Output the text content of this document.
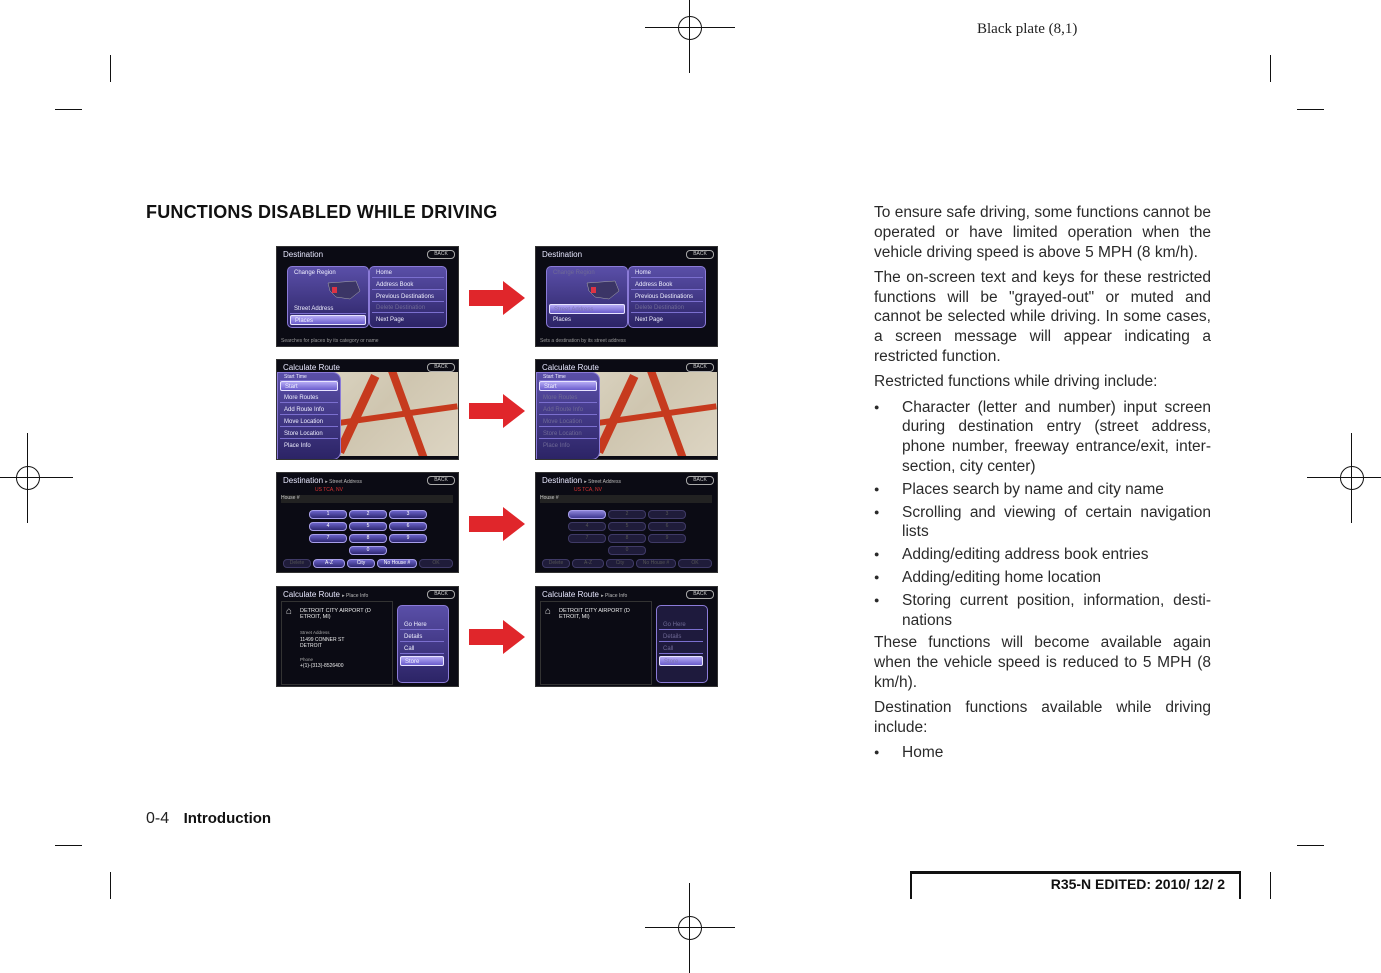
Black plate (8,1)
FUNCTIONS DISABLED WHILE DRIVING
Destination	BACK
Change Region
Street Address
Places
Home
Address Book
Previous Destinations
Delete Destination
Next Page
Searches for places by its category or name
Destination	BACK
Change Region
Street Address
Places
Home
Address Book
Previous Destinations
Delete Destination
Next Page
Sets a destination by its street address
Calculate Route	BACK
Start Time
Start
More Routes
Add Route Info
Move Location
Store Location
Place Info
Calculate Route	BACK
Start Time
Start
More Routes
Add Route Info
Move Location
Store Location
Place Info
Destination ▸ Street Address	BACK
US TCA, NV
House #
1	2	3
4	5	6
7	8	9
0
Delete	A-Z	City	No House #	OK
Destination ▸ Street Address	BACK
US TCA, NV
House #
2	3
4	5	6
7	8	9
0
Delete	A-Z	City	No House #	OK
Calculate Route ▸ Place Info	BACK
⌂ DETROIT CITY AIRPORT (D ETROIT, MI)
Street Address
11499 CONNER ST DETROIT
Phone
+(1)-(313)-8526400
Go Here
Details
Call
Store
Calculate Route ▸ Place Info	BACK
⌂ DETROIT CITY AIRPORT (D ETROIT, MI)
Go Here
Details
Call
Store

To ensure safe driving, some functions cannot be operated or have limited operation when the vehicle driving speed is above 5 MPH (8 km/h).

The on-screen text and keys for these restricted functions will be "grayed-out" or muted and cannot be selected while driving. In some cases, a screen message will appear indicating a restricted function.

Restricted functions while driving include:

● Character (letter and number) input screen during destination entry (street address, phone number, freeway entrance/exit, inter-section, city center)
● Places search by name and city name
● Scrolling and viewing of certain navigation lists
● Adding/editing address book entries
● Adding/editing home location
● Storing current position, information, desti-nations

These functions will become available again when the vehicle speed is reduced to 5 MPH (8 km/h).

Destination functions available while driving include:

● Home
0-4 Introduction
R35-N EDITED: 2010/ 12/ 2
